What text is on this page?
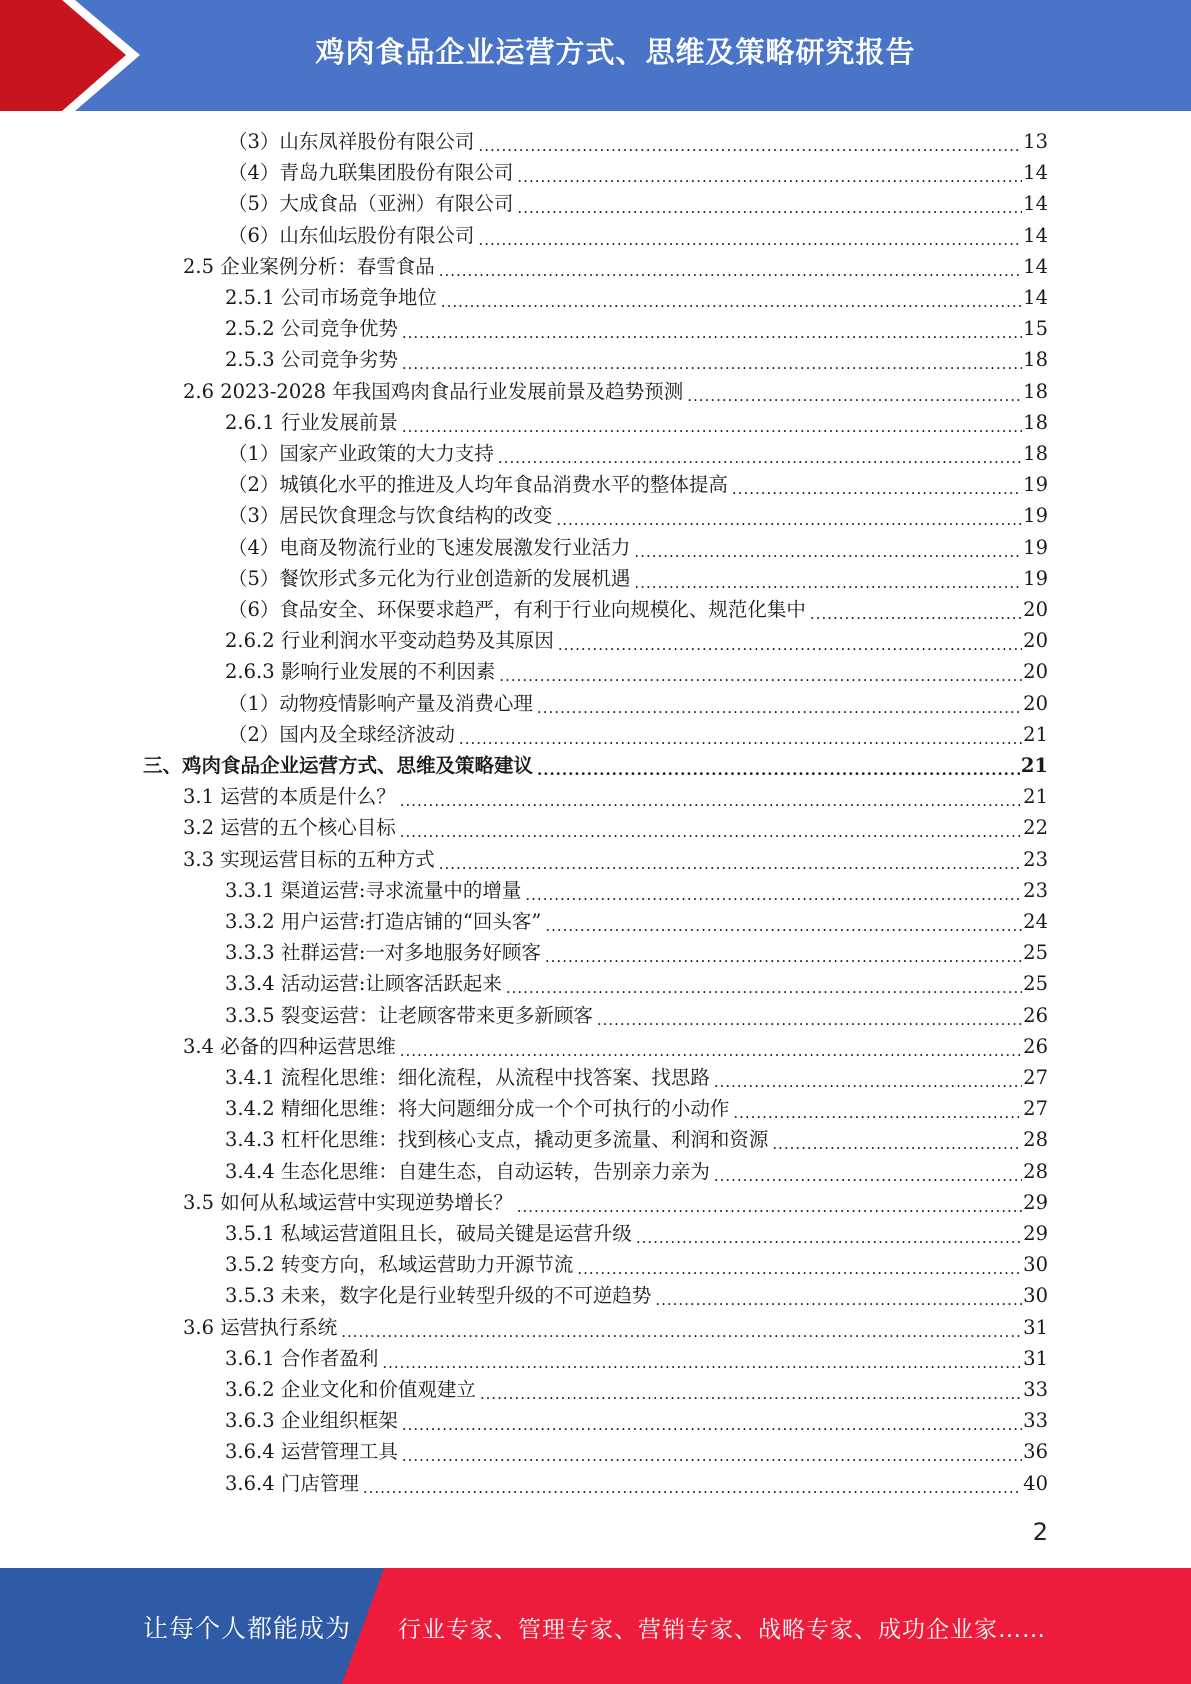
鸡肉食品企业运营方式、思维及策略研究报告
（3）山东凤祥股份有限公司 .....	13
（4）青岛九联集团股份有限公司 .....	14
（5）大成食品（亚洲）有限公司 .....	14
（6）山东仙坛股份有限公司 .....	14
2.5 企业案例分析：春雪食品 .....	14
2.5.1 公司市场竞争地位 .....	14
2.5.2 公司竞争优势 .....	15
2.5.3 公司竞争劣势 .....	18
2.6 2023-2028 年我国鸡肉食品行业发展前景及趋势预测 .....	18
2.6.1 行业发展前景 .....	18
（1）国家产业政策的大力支持 .....	18
（2）城镇化水平的推进及人均年食品消费水平的整体提高 .....	19
（3）居民饮食理念与饮食结构的改变 .....	19
（4）电商及物流行业的飞速发展激发行业活力 .....	19
（5）餐饮形式多元化为行业创造新的发展机遇 .....	19
（6）食品安全、环保要求趋严，有利于行业向规模化、规范化集中 .....	20
2.6.2 行业利润水平变动趋势及其原因 .....	20
2.6.3 影响行业发展的不利因素 .....	20
（1）动物疫情影响产量及消费心理 .....	20
（2）国内及全球经济波动 .....	21
三、鸡肉食品企业运营方式、思维及策略建议 .....	21
3.1 运营的本质是什么？ .....	21
3.2 运营的五个核心目标 .....	22
3.3 实现运营目标的五种方式 .....	23
3.3.1 渠道运营:寻求流量中的增量 .....	23
3.3.2 用户运营:打造店铺的“回头客” .....	24
3.3.3 社群运营:一对多地服务好顾客 .....	25
3.3.4 活动运营:让顾客活跃起来 .....	25
3.3.5 裂变运营：让老顾客带来更多新顾客 .....	26
3.4 必备的四种运营思维 .....	26
3.4.1 流程化思维：细化流程，从流程中找答案、找思路 .....	27
3.4.2 精细化思维：将大问题细分成一个个可执行的小动作 .....	27
3.4.3 杠杆化思维：找到核心支点，撬动更多流量、利润和资源 .....	28
3.4.4 生态化思维：自建生态，自动运转，告别亲力亲为 .....	28
3.5 如何从私域运营中实现逆势增长？ .....	29
3.5.1 私域运营道阻且长，破局关键是运营升级 .....	29
3.5.2 转变方向，私域运营助力开源节流 .....	30
3.5.3 未来，数字化是行业转型升级的不可逆趋势 .....	30
3.6 运营执行系统 .....	31
3.6.1 合作者盈利 .....	31
3.6.2 企业文化和价值观建立 .....	33
3.6.3 企业组织框架 .....	33
3.6.4 运营管理工具 .....	36
3.6.4 门店管理 .....	40
2
让每个人都能成为 行业专家、管理专家、营销专家、战略专家、成功企业家……
